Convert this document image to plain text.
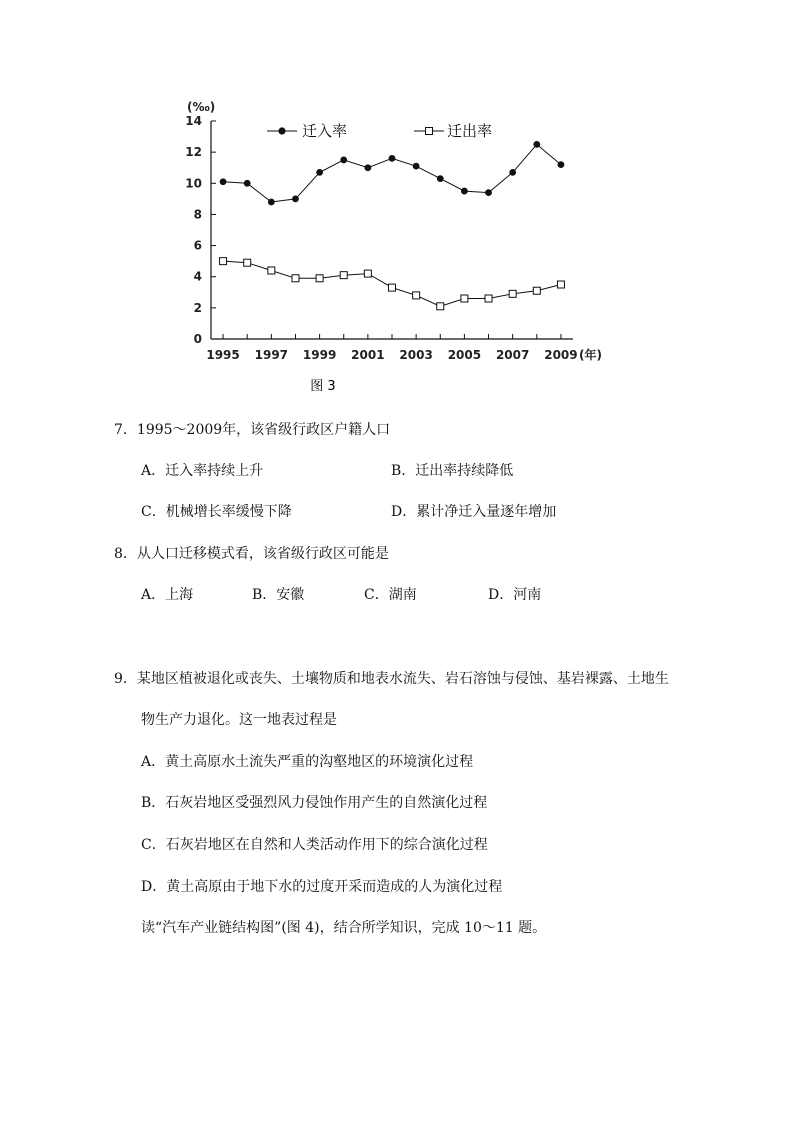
(‰)
0
2
4
6
8
10
12
14
1995 1997 1999 2001 2003 2005 2007 2009 (年)
迁入率	迁出率
图 3
7．1995～2009年，该省级行政区户籍人口
A．迁入率持续上升	B．迁出率持续降低
C．机械增长率缓慢下降	D．累计净迁入量逐年增加
8．从人口迁移模式看，该省级行政区可能是
A．上海	B．安徽	C．湖南	D．河南
9．某地区植被退化或丧失、土壤物质和地表水流失、岩石溶蚀与侵蚀、基岩裸露、土地生
物生产力退化。这一地表过程是
A．黄土高原水土流失严重的沟壑地区的环境演化过程
B．石灰岩地区受强烈风力侵蚀作用产生的自然演化过程
C．石灰岩地区在自然和人类活动作用下的综合演化过程
D．黄土高原由于地下水的过度开采而造成的人为演化过程
读“汽车产业链结构图”(图 4)，结合所学知识，完成 10～11 题。
